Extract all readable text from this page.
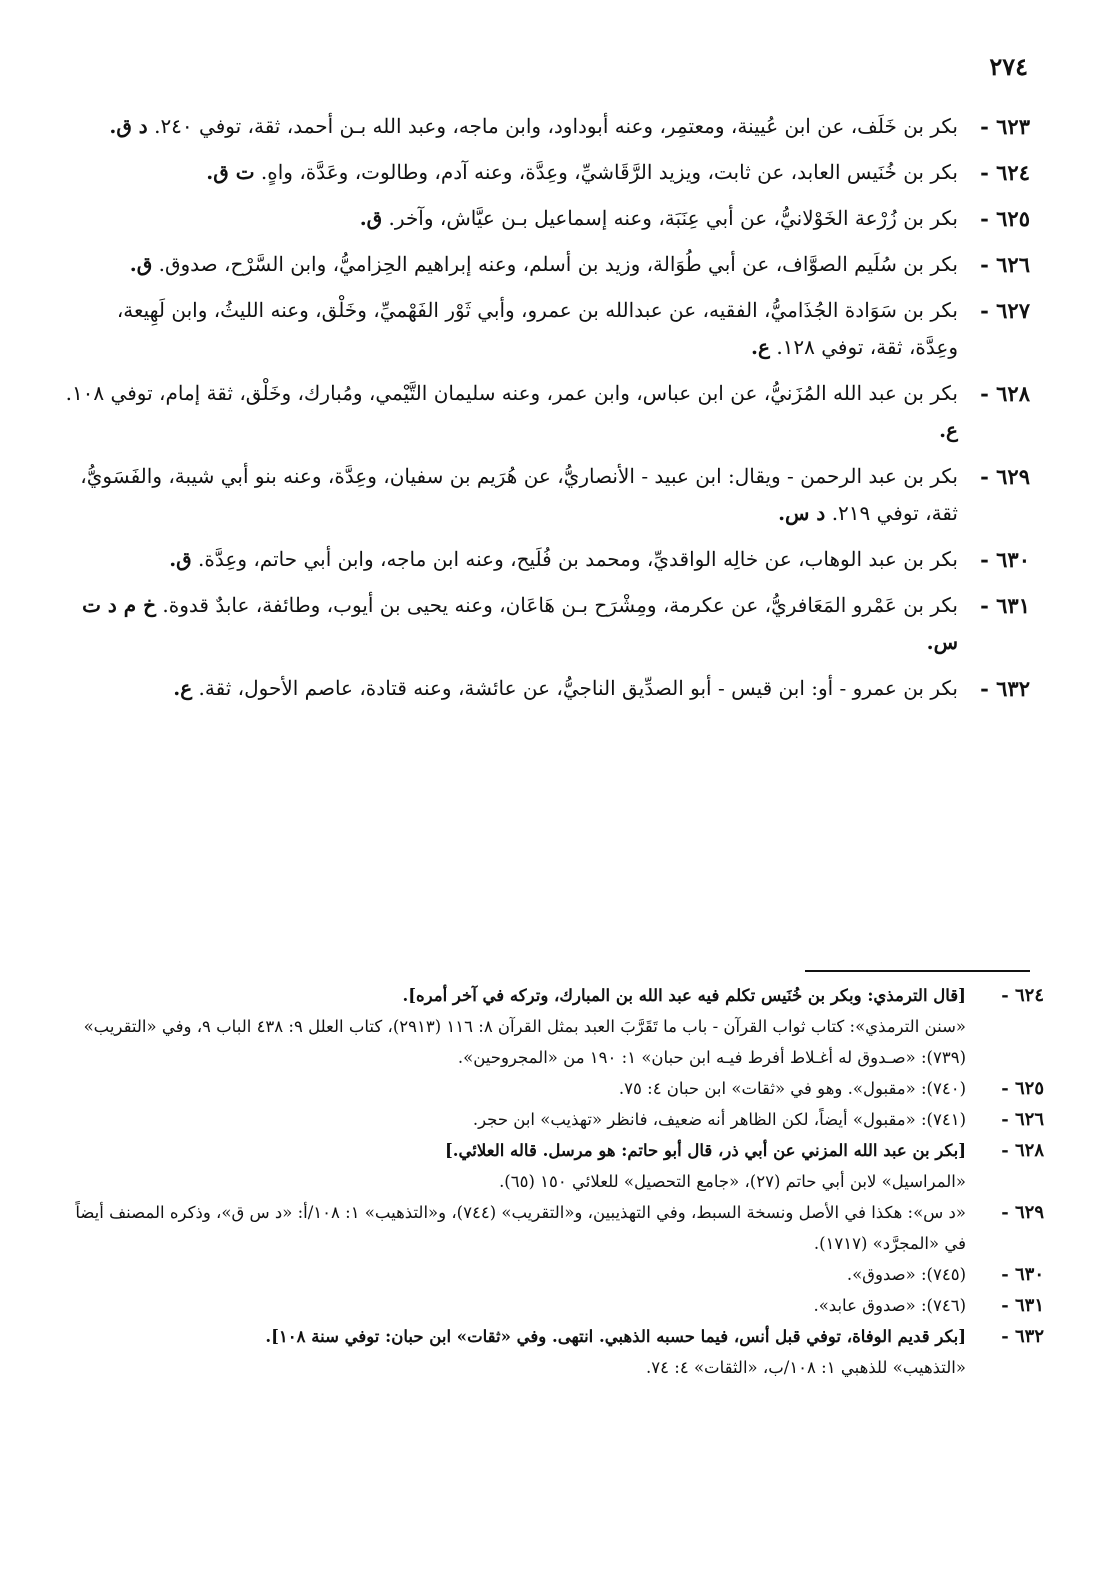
٢٧٤
٦٢٣ -
بكر بن خَلَف، عن ابن عُيينة، ومعتمِر، وعنه أبوداود، وابن ماجه، وعبد الله بـن أحمد، ثقة، توفي ٢٤٠. د ق.
٦٢٤ -
بكر بن خُنَيس العابد، عن ثابت، ويزيد الرَّقَاشيِّ، وعِدَّة، وعنه آدم، وطالوت، وعَدَّة، واهٍ. ت ق.
٦٢٥ -
بكر بن زُرْعة الخَوْلانيُّ، عن أبي عِنَبَة، وعنه إسماعيل بـن عيَّاش، وآخر. ق.
٦٢٦ -
بكر بن سُلَيم الصوَّاف، عن أبي طُوَالة، وزيد بن أسلم، وعنه إبراهيم الحِزاميُّ، وابن السَّرْح، صدوق. ق.
٦٢٧ -
بكر بن سَوَادة الجُذَاميُّ، الفقيه، عن عبدالله بن عمرو، وأبي ثَوْر الفَهْميِّ، وخَلْق، وعنه الليثُ، وابن لَهِيعة، وعِدَّة، ثقة، توفي ١٢٨. ع.
٦٢٨ -
بكر بن عبد الله المُزَنيُّ، عن ابن عباس، وابن عمر، وعنه سليمان التَّيْمي، ومُبارك، وخَلْق، ثقة إمام، توفي ١٠٨. ع.
٦٢٩ -
بكر بن عبد الرحمن - ويقال: ابن عبيد - الأنصاريُّ، عن هُرَيم بن سفيان، وعِدَّة، وعنه بنو أبي شيبة، والفَسَويُّ، ثقة، توفي ٢١٩. د س.
٦٣٠ -
بكر بن عبد الوهاب، عن خالِه الواقديِّ، ومحمد بن فُلَيح، وعنه ابن ماجه، وابن أبي حاتم، وعِدَّة. ق.
٦٣١ -
بكر بن عَمْرو المَعَافريُّ، عن عكرمة، ومِشْرَح بـن هَاعَان، وعنه يحيى بن أيوب، وطائفة، عابدٌ قدوة. خ م د ت س.
٦٣٢ -
بكر بن عمرو - أو: ابن قيس - أبو الصدِّيق الناجيُّ، عن عائشة، وعنه قتادة، عاصم الأحول، ثقة. ع.
٦٢٤ -
[قال الترمذي: وبكر بن خُنَيس تكلم فيه عبد الله بن المبارك، وتركه في آخر أمره].
«سنن الترمذي»: كتاب ثواب القرآن - باب ما تَقَرَّبَ العبد بمثل القرآن ٨: ١١٦ (٢٩١٣)، كتاب العلل ٩: ٤٣٨ الباب ٩، وفي «التقريب» (٧٣٩): «صـدوق له أغـلاط أفرط فيـه ابن حبان» ١: ١٩٠ من «المجروحين».
٦٢٥ -
(٧٤٠): «مقبول». وهو في «ثقات» ابن حبان ٤: ٧٥.
٦٢٦ -
(٧٤١): «مقبول» أيضاً، لكن الظاهر أنه ضعيف، فانظر «تهذيب» ابن حجر.
٦٢٨ -
[بكر بن عبد الله المزني عن أبي ذر، قال أبو حاتم: هو مرسل. قاله العلائي.]
«المراسيل» لابن أبي حاتم (٢٧)، «جامع التحصيل» للعلائي ١٥٠ (٦٥).
٦٢٩ -
«د س»: هكذا في الأصل ونسخة السبط، وفي التهذيبين، و«التقريب» (٧٤٤)، و«التذهيب» ١: ١٠٨/أ: «د س ق»، وذكره المصنف أيضاً في «المجرَّد» (١٧١٧).
٦٣٠ -
(٧٤٥): «صدوق».
٦٣١ -
(٧٤٦): «صدوق عابد».
٦٣٢ -
[بكر قديم الوفاة، توفي قبل أنس، فيما حسبه الذهبي. انتهى. وفي «ثقات» ابن حبان: توفي سنة ١٠٨].
«التذهيب» للذهبي ١: ١٠٨/ب، «الثقات» ٤: ٧٤.
